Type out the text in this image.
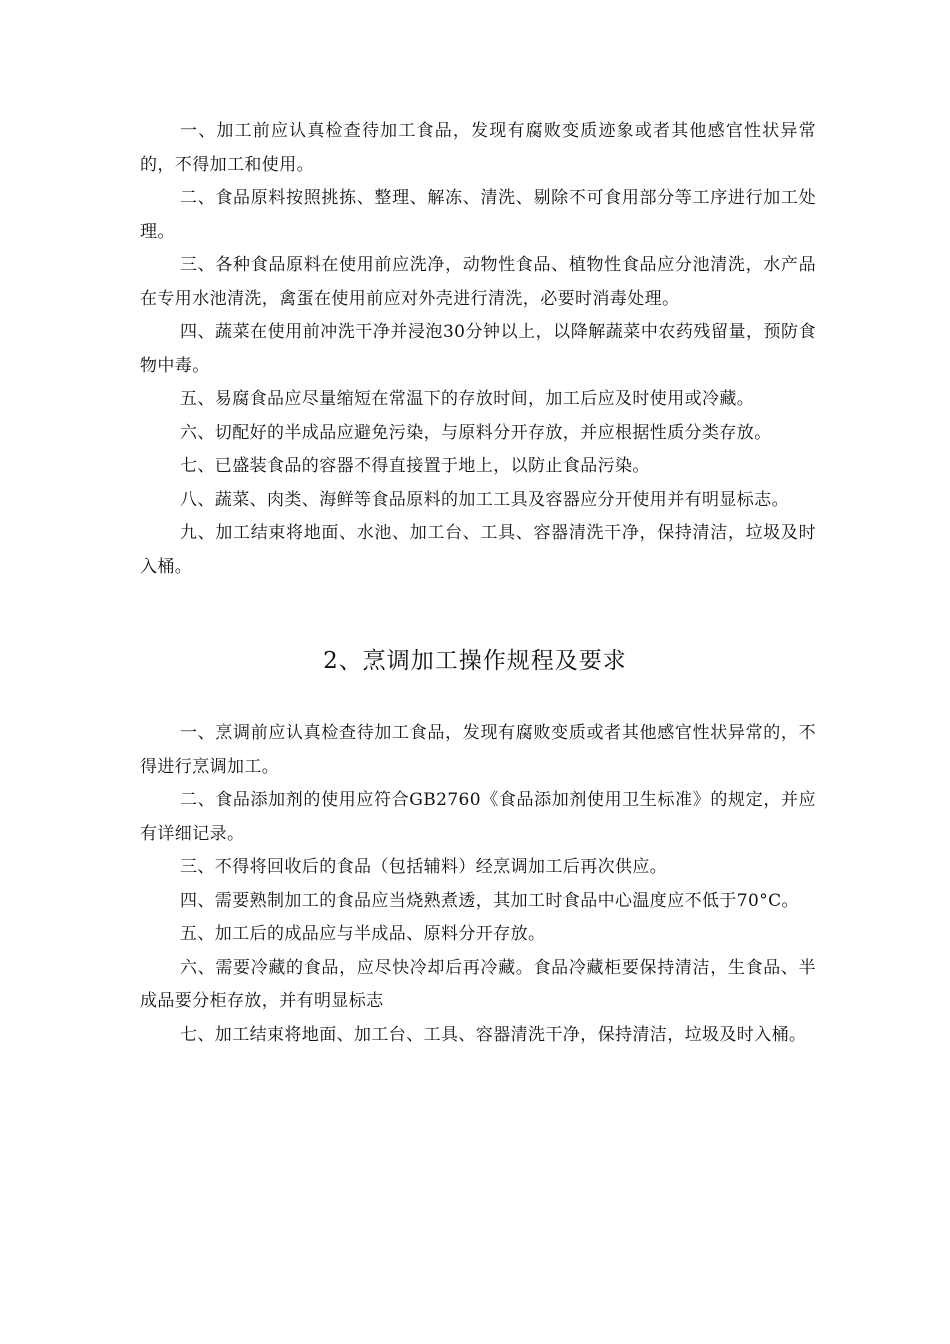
一、加工前应认真检查待加工食品，发现有腐败变质迹象或者其他感官性状异常的，不得加工和使用。

二、食品原料按照挑拣、整理、解冻、清洗、剔除不可食用部分等工序进行加工处理。

三、各种食品原料在使用前应洗净，动物性食品、植物性食品应分池清洗，水产品在专用水池清洗，禽蛋在使用前应对外壳进行清洗，必要时消毒处理。

四、蔬菜在使用前冲洗干净并浸泡30分钟以上，以降解蔬菜中农药残留量，预防食物中毒。

五、易腐食品应尽量缩短在常温下的存放时间，加工后应及时使用或冷藏。

六、切配好的半成品应避免污染，与原料分开存放，并应根据性质分类存放。

七、已盛装食品的容器不得直接置于地上，以防止食品污染。

八、蔬菜、肉类、海鲜等食品原料的加工工具及容器应分开使用并有明显标志。

九、加工结束将地面、水池、加工台、工具、容器清洗干净，保持清洁，垃圾及时入桶。

2、烹调加工操作规程及要求

一、烹调前应认真检查待加工食品，发现有腐败变质或者其他感官性状异常的，不得进行烹调加工。

二、食品添加剂的使用应符合GB2760《食品添加剂使用卫生标准》的规定，并应有详细记录。

三、不得将回收后的食品（包括辅料）经烹调加工后再次供应。

四、需要熟制加工的食品应当烧熟煮透，其加工时食品中心温度应不低于70°C。

五、加工后的成品应与半成品、原料分开存放。

六、需要冷藏的食品，应尽快冷却后再冷藏。食品冷藏柜要保持清洁，生食品、半成品要分柜存放，并有明显标志

七、加工结束将地面、加工台、工具、容器清洗干净，保持清洁，垃圾及时入桶。
